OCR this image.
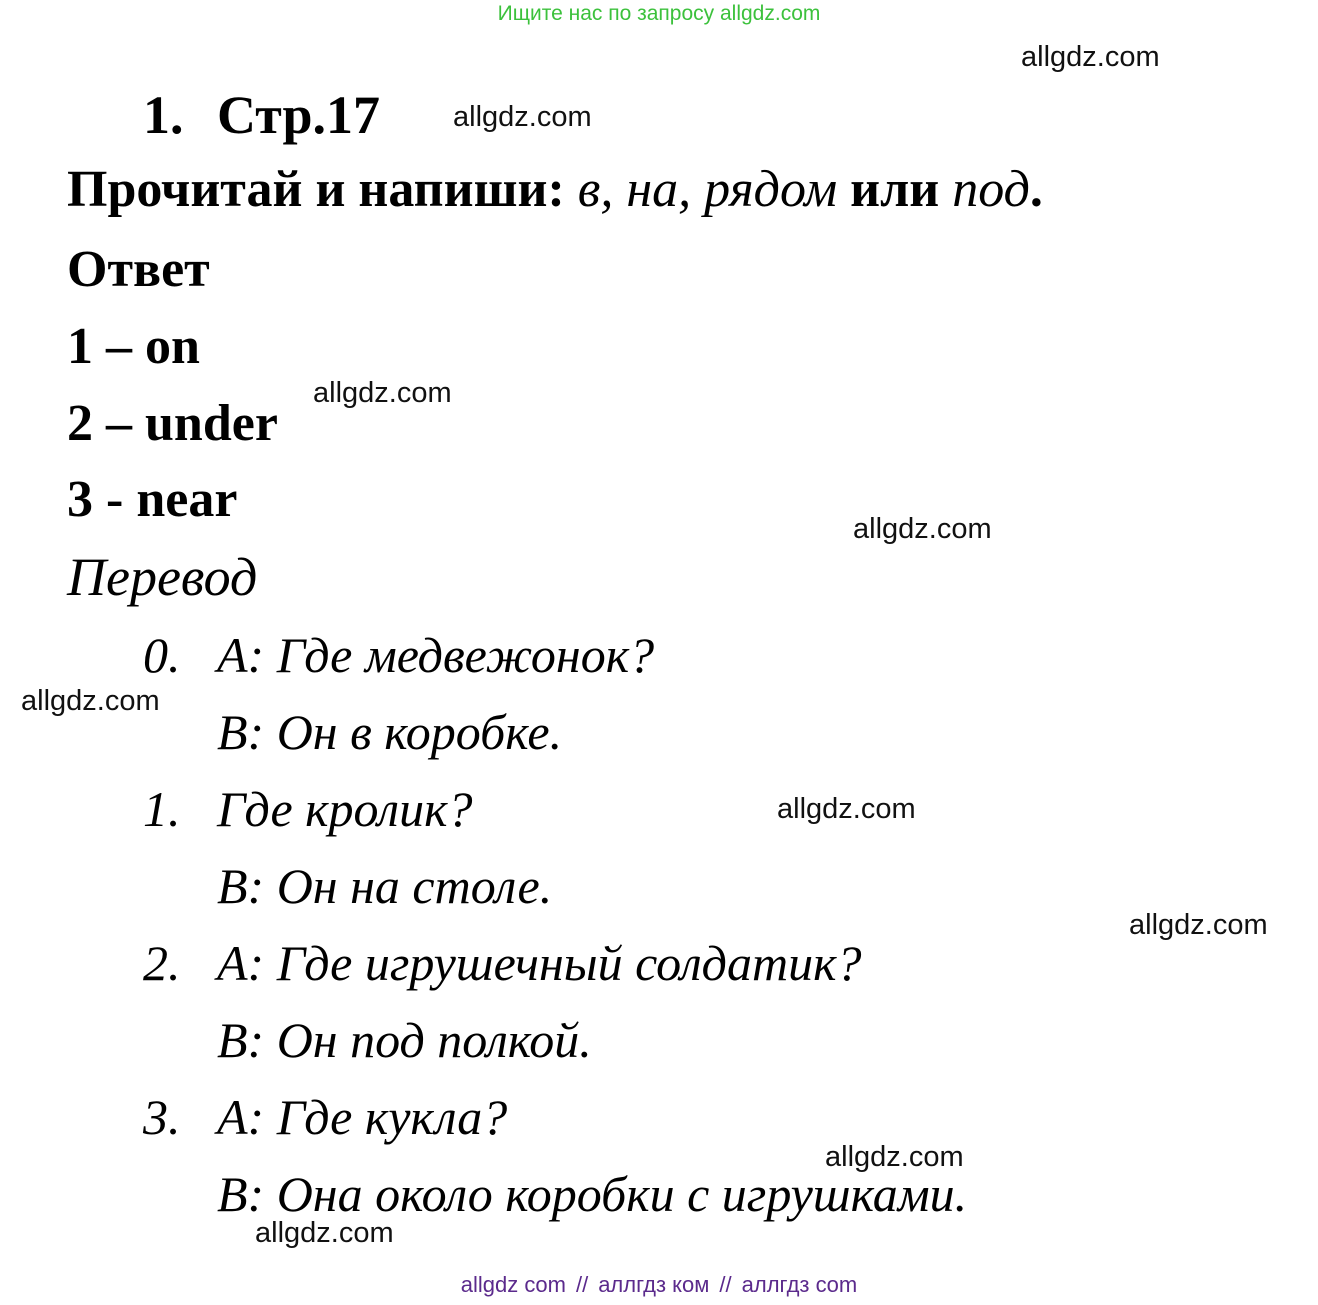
Ищите нас по запросу allgdz.com
allgdz.com
allgdz.com
allgdz.com
allgdz.com
allgdz.com
allgdz.com
allgdz.com
allgdz.com
allgdz.com
1. Стр.17
Прочитай и напиши: в, на, рядом или под.
Ответ
1 – on
2 – under
3 - near
Перевод
0. A: Где медвежонок?
B: Он в коробке.
1. Где кролик?
B: Он на столе.
2. A: Где игрушечный солдатик?
B: Он под полкой.
3. A: Где кукла?
B: Она около коробки с игрушками.
allgdz com // аллгдз ком // аллгдз com
